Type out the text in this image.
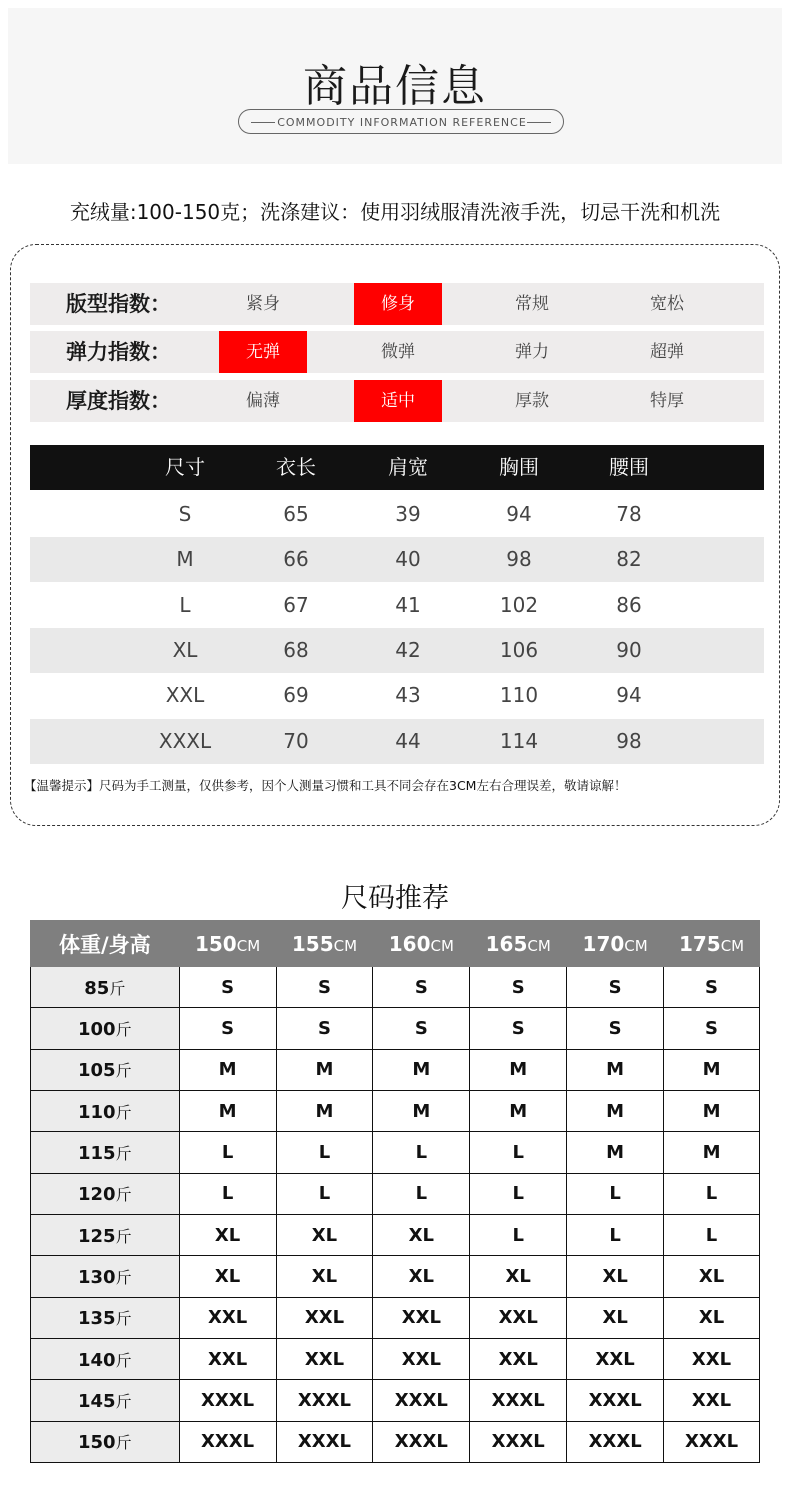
商品信息
COMMODITY INFORMATION REFERENCE
充绒量:100-150克；洗涤建议：使用羽绒服清洗液手洗，切忌干洗和机洗
版型指数：	紧身	修身	常规	宽松
弹力指数：	无弹	微弹	弹力	超弹
厚度指数：	偏薄	适中	厚款	特厚
尺寸	衣长	肩宽	胸围	腰围
S	65	39	94	78
M	66	40	98	82
L	67	41	102	86
XL	68	42	106	90
XXL	69	43	110	94
XXXL	70	44	114	98
【温馨提示】尺码为手工测量，仅供参考，因个人测量习惯和工具不同会存在3CM左右合理误差，敬请谅解！
尺码推荐
体重/身高	150CM	155CM	160CM	165CM	170CM	175CM
85斤	S	S	S	S	S	S
100斤	S	S	S	S	S	S
105斤	M	M	M	M	M	M
110斤	M	M	M	M	M	M
115斤	L	L	L	L	M	M
120斤	L	L	L	L	L	L
125斤	XL	XL	XL	L	L	L
130斤	XL	XL	XL	XL	XL	XL
135斤	XXL	XXL	XXL	XXL	XL	XL
140斤	XXL	XXL	XXL	XXL	XXL	XXL
145斤	XXXL	XXXL	XXXL	XXXL	XXXL	XXL
150斤	XXXL	XXXL	XXXL	XXXL	XXXL	XXXL
